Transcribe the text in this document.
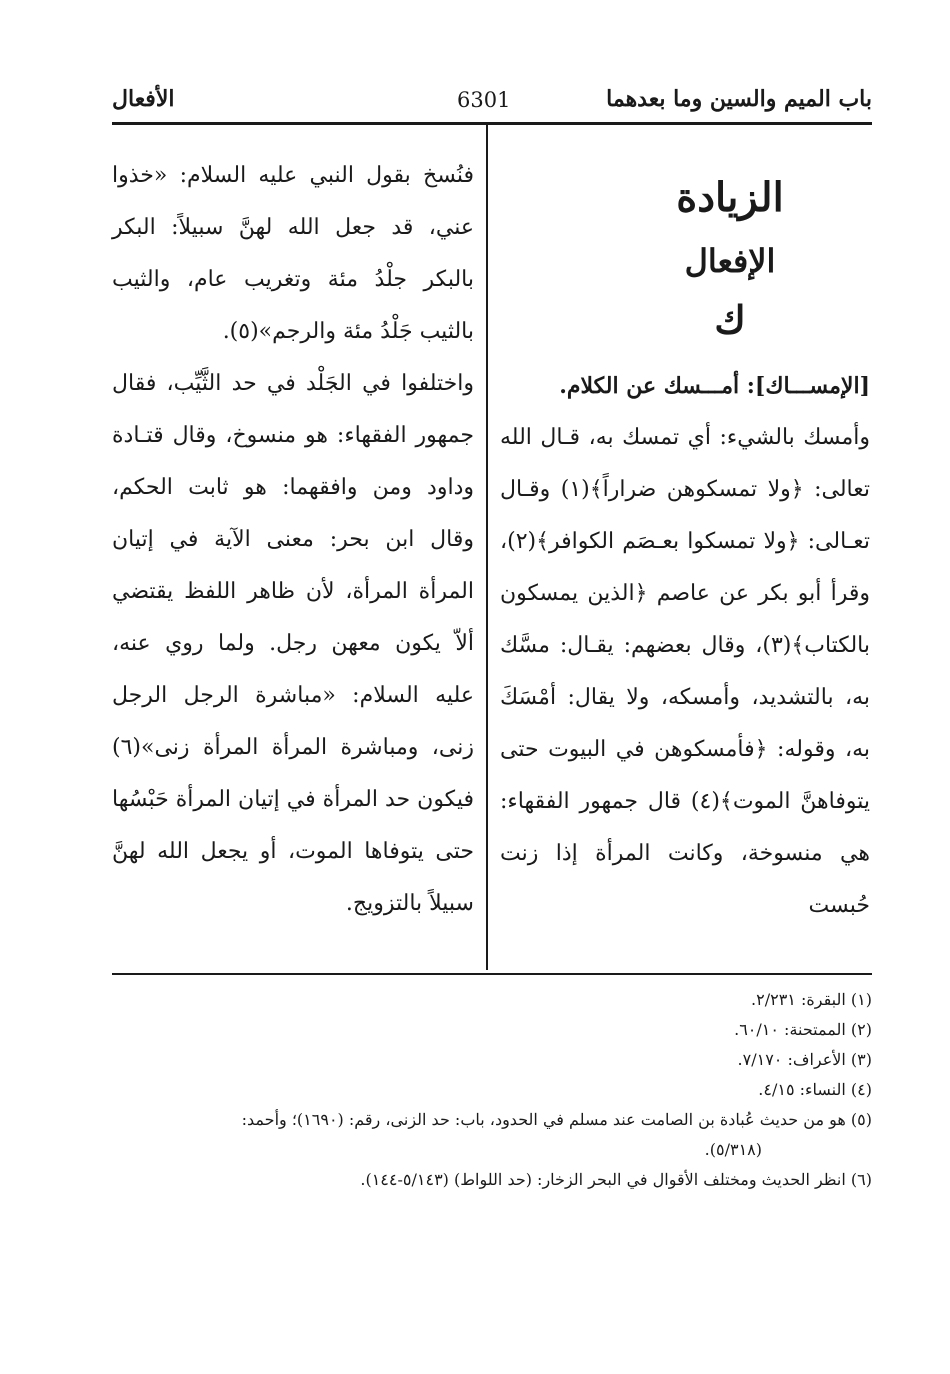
باب الميم والسين وما بعدهما
6301
الأفعال
الزيادة
الإفعال
ك

[الإمســـاك]: أمـــسك عن الكلام.

وأمسك بالشيء: أي تمسك به، قـال الله تعالى: ﴿ولا تمسكوهن ضراراً﴾(١) وقـال تعـالى: ﴿ولا تمسكوا بعـصَم الكوافر﴾(٢)، وقرأ أبو بكر عن عاصم ﴿الذين يمسكون بالكتاب﴾(٣)، وقال بعضهم: يقـال: مسَّك به، بالتشديد، وأمسكه، ولا يقال: أمْسَكَ به، وقوله: ﴿فأمسكوهن في البيوت حتى يتوفاهنَّ الموت﴾(٤) قال جمهور الفقهاء: هي منسوخة، وكانت المرأة إذا زنت حُبست

فنُسخ بقول النبي عليه السلام: «خذوا عني، قد جعل الله لهنَّ سبيلاً: البكر بالبكر جلْدُ مئة وتغريب عام، والثيب بالثيب جَلْدُ مئة والرجم»(٥).

واختلفوا في الجَلْد في حد الثَّيِّب، فقال جمهور الفقهاء: هو منسوخ، وقال قتـادة وداود ومن وافقهما: هو ثابت الحكم، وقال ابن بحر: معنى الآية في إتيان المرأة المرأة، لأن ظاهر اللفظ يقتضي ألاّ يكون معهن رجل. ولما روي عنه، عليه السلام: «مباشرة الرجل الرجل زنى، ومباشرة المرأة المرأة زنى»(٦) فيكون حد المرأة في إتيان المرأة حَبْسُها حتى يتوفاها الموت، أو يجعل الله لهنَّ سبيلاً بالتزويج.

(١) البقرة: ٢/٢٣١.

(٢) الممتحنة: ٦٠/١٠.

(٣) الأعراف: ٧/١٧٠.

(٤) النساء: ٤/١٥.

(٥) هو من حديث عُبادة بن الصامت عند مسلم في الحدود، باب: حد الزنى، رقم: (١٦٩٠)؛ وأحمد:

(٥/٣١٨).

(٦) انظر الحديث ومختلف الأقوال في البحر الزخار: (حد اللواط) (٥/١٤٣-١٤٤).
